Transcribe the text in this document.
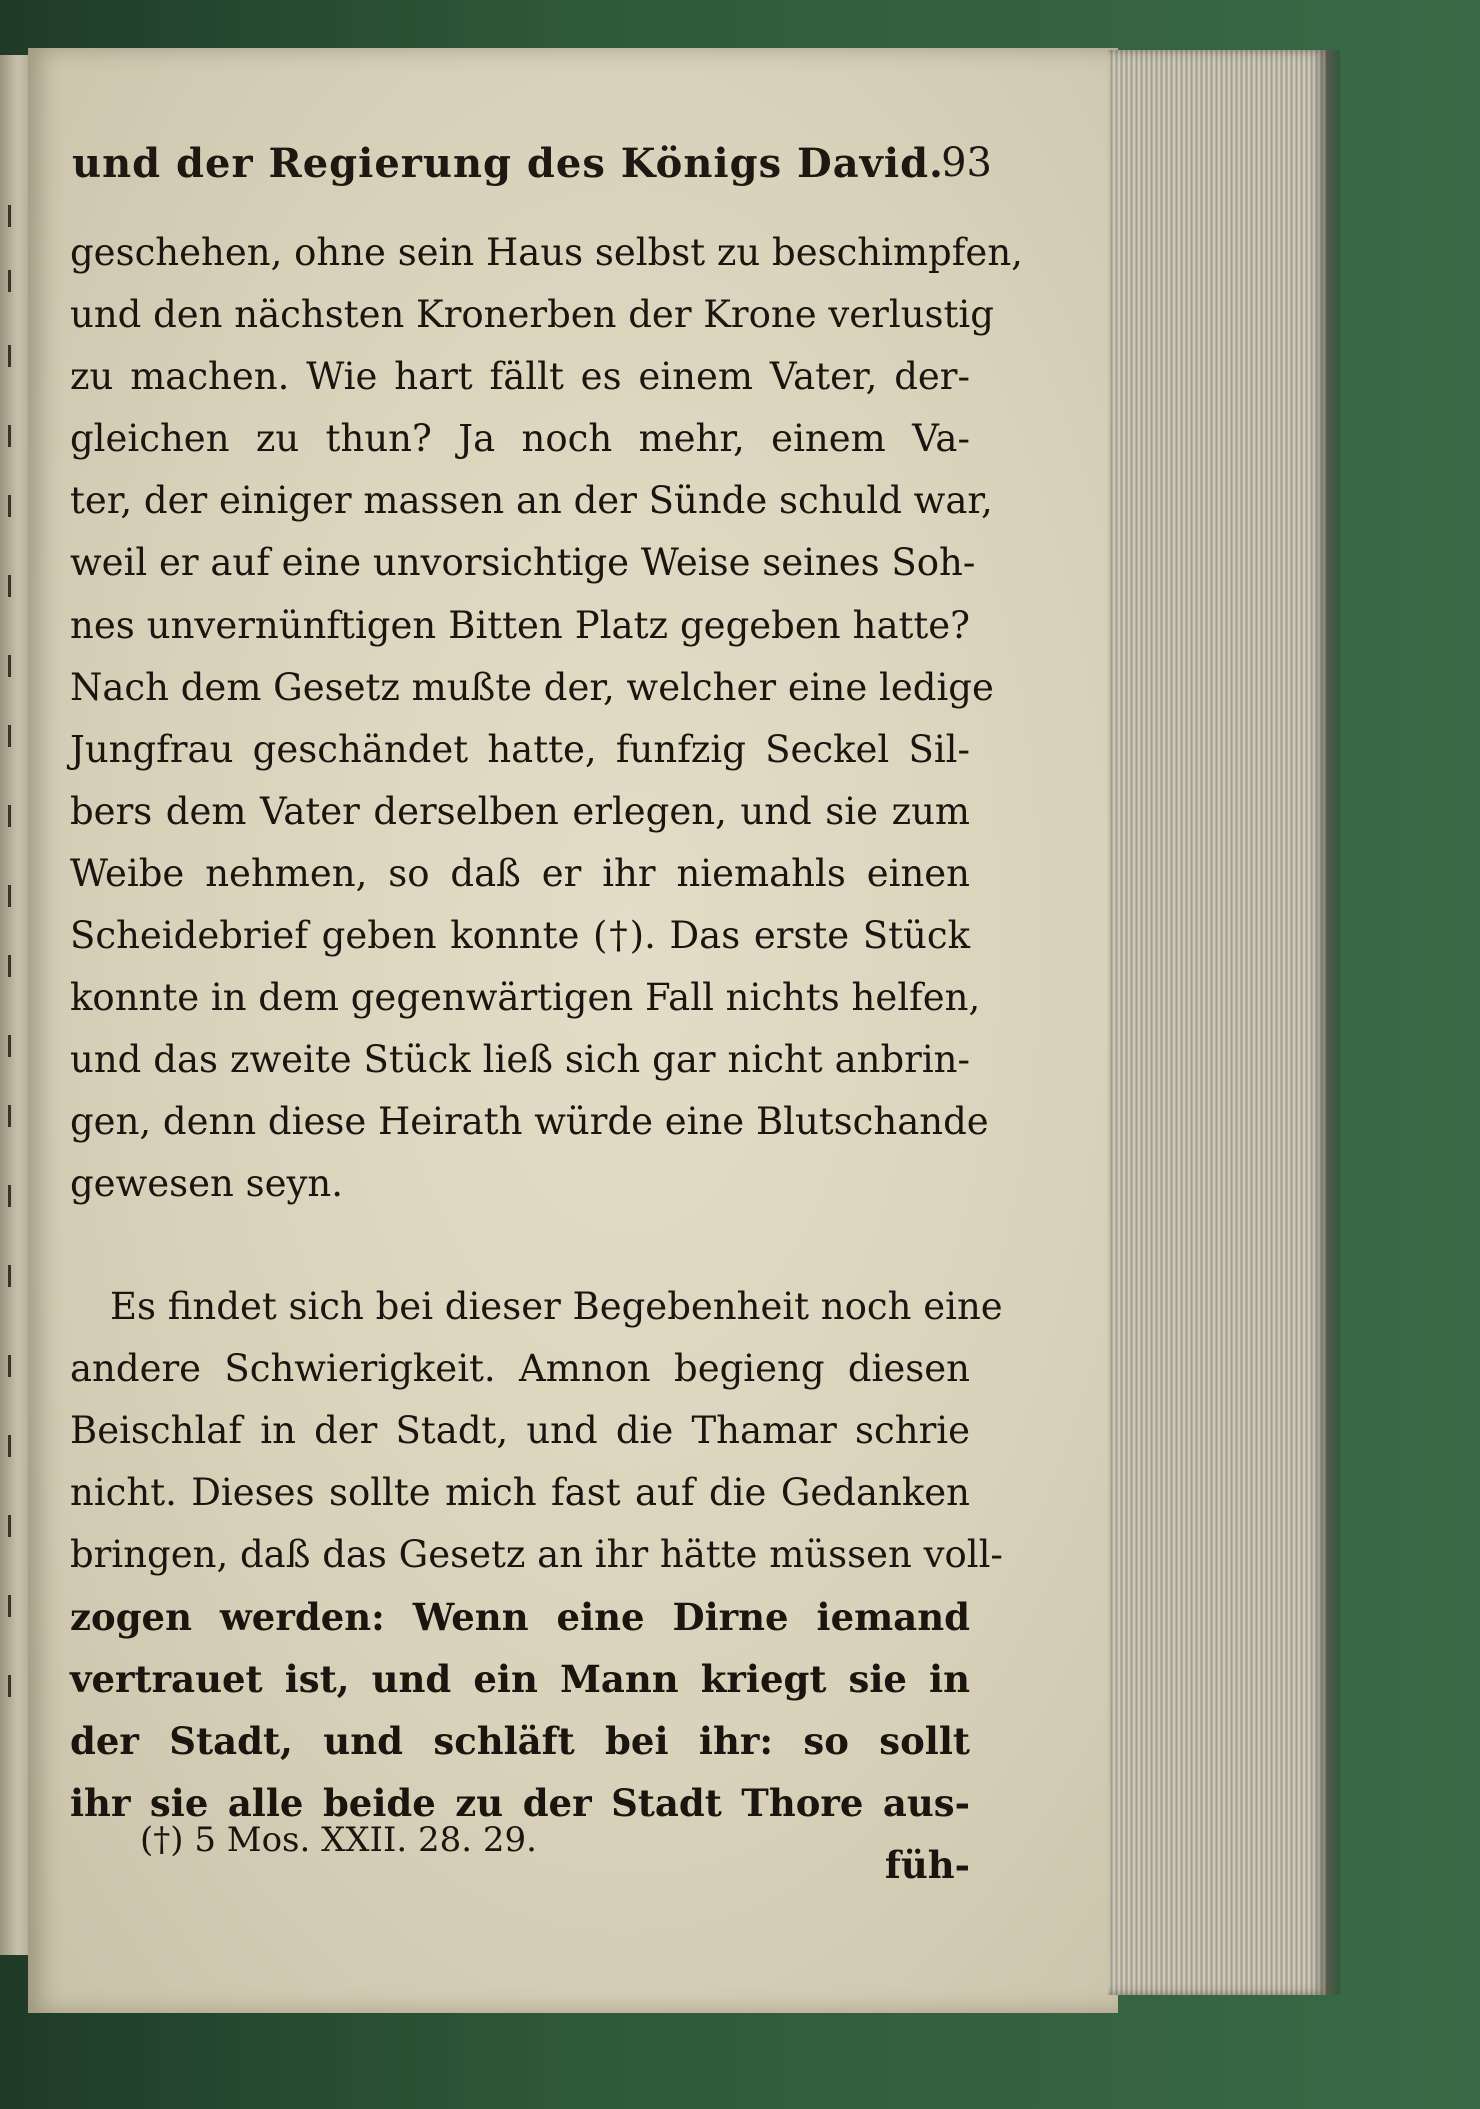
und der Regierung des Königs David.
93
geschehen, ohne sein Haus selbst zu beschimpfen,
und den nächsten Kronerben der Krone verlustig
zu machen. Wie hart fällt es einem Vater, der-
gleichen zu thun? Ja noch mehr, einem Va-
ter, der einiger massen an der Sünde schuld war,
weil er auf eine unvorsichtige Weise seines Soh-
nes unvernünftigen Bitten Platz gegeben hatte?
Nach dem Gesetz mußte der, welcher eine ledige
Jungfrau geschändet hatte, funfzig Seckel Sil-
bers dem Vater derselben erlegen, und sie zum
Weibe nehmen, so daß er ihr niemahls einen
Scheidebrief geben konnte (†). Das erste Stück
konnte in dem gegenwärtigen Fall nichts helfen,
und das zweite Stück ließ sich gar nicht anbrin-
gen, denn diese Heirath würde eine Blutschande
gewesen seyn.
Es findet sich bei dieser Begebenheit noch eine
andere Schwierigkeit. Amnon begieng diesen
Beischlaf in der Stadt, und die Thamar schrie
nicht. Dieses sollte mich fast auf die Gedanken
bringen, daß das Gesetz an ihr hätte müssen voll-
zogen werden: Wenn eine Dirne iemand
vertrauet ist, und ein Mann kriegt sie in
der Stadt, und schläft bei ihr: so sollt
ihr sie alle beide zu der Stadt Thore aus-
füh-
(†) 5 Mos. XXII. 28. 29.
